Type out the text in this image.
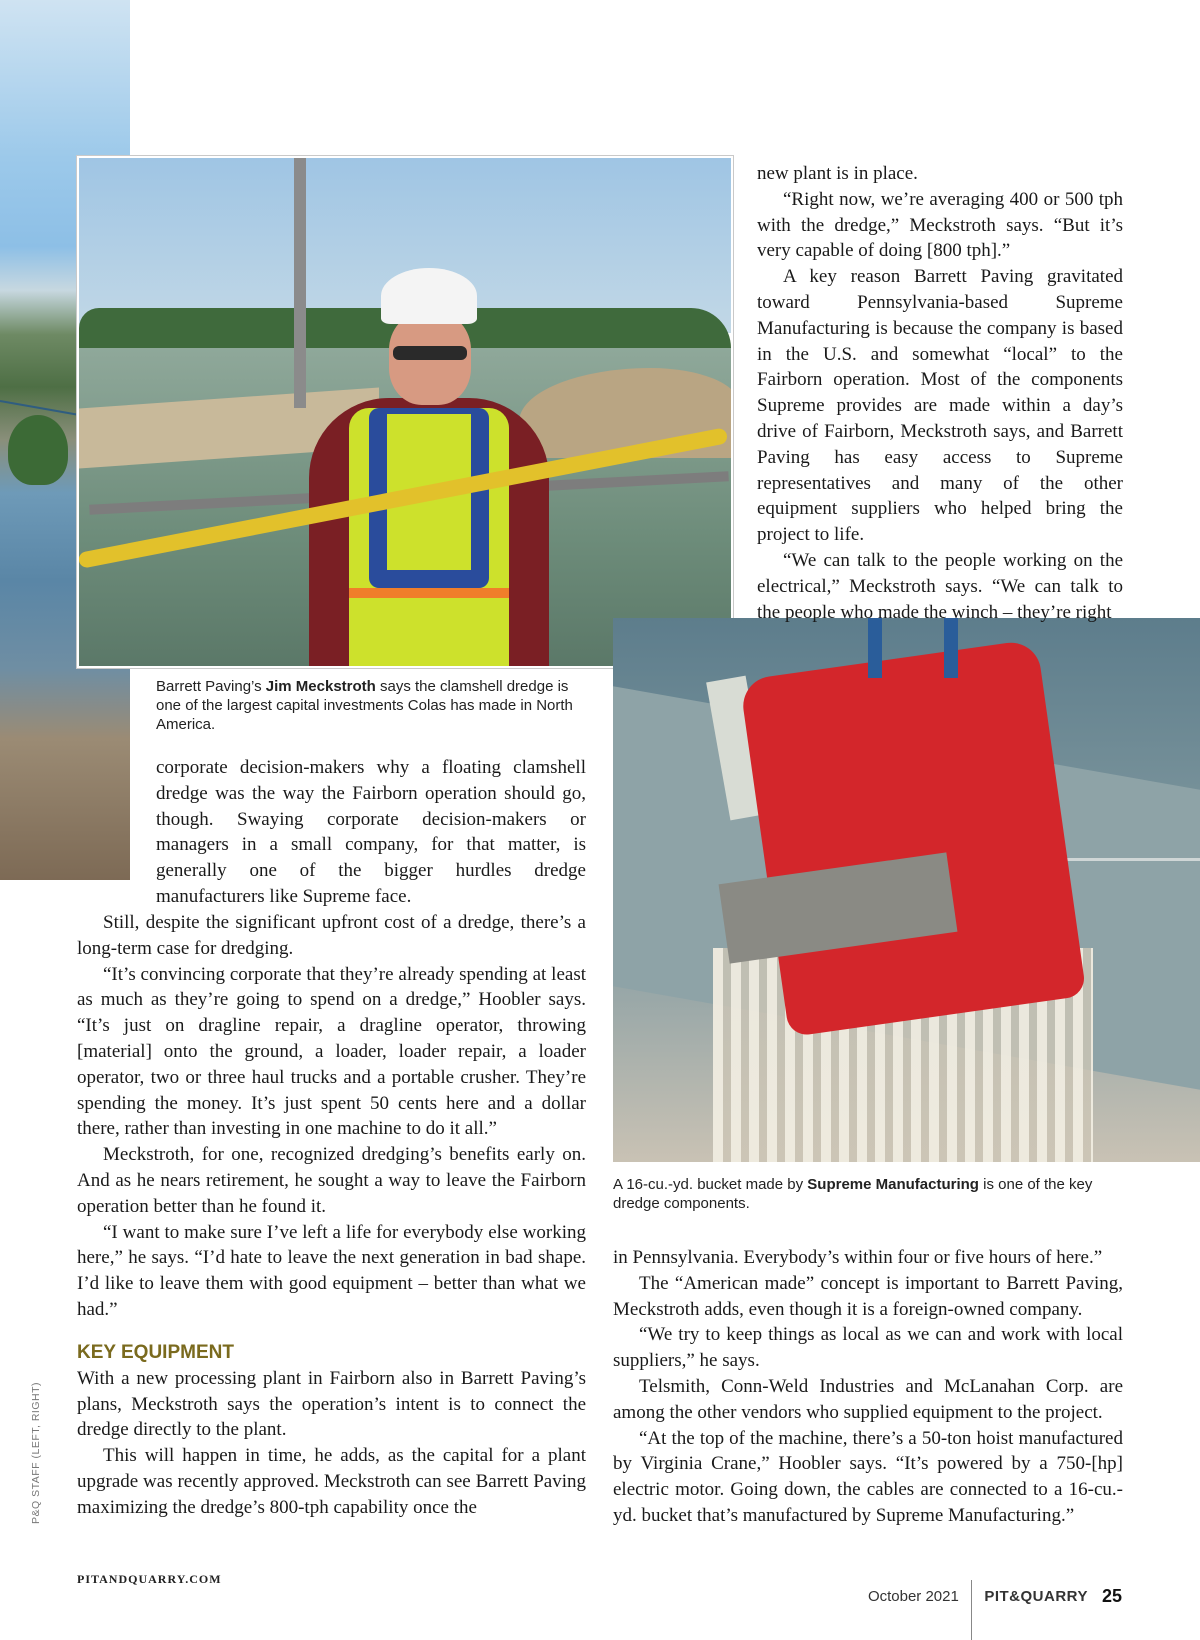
Barrett Paving’s Jim Meckstroth says the clamshell dredge is one of the largest capital investments Colas has made in North America.

A 16-cu.-yd. bucket made by Supreme Manufacturing is one of the key dredge components.

corporate decision-makers why a floating clamshell dredge was the way the Fairborn operation should go, though. Swaying corporate decision-makers or managers in a small company, for that matter, is generally one of the bigger hurdles dredge manufacturers like Supreme face.

Still, despite the significant upfront cost of a dredge, there’s a long-term case for dredging.

“It’s convincing corporate that they’re already spending at least as much as they’re going to spend on a dredge,” Hoobler says. “It’s just on dragline repair, a dragline operator, throwing [material] onto the ground, a loader, loader repair, a loader operator, two or three haul trucks and a portable crusher. They’re spending the money. It’s just spent 50 cents here and a dollar there, rather than investing in one machine to do it all.”

Meckstroth, for one, recognized dredging’s benefits early on. And as he nears retirement, he sought a way to leave the Fairborn operation better than he found it.

“I want to make sure I’ve left a life for everybody else working here,” he says. “I’d hate to leave the next generation in bad shape. I’d like to leave them with good equipment – better than what we had.”

KEY EQUIPMENT

With a new processing plant in Fairborn also in Barrett Paving’s plans, Meckstroth says the operation’s intent is to connect the dredge directly to the plant.

This will happen in time, he adds, as the capital for a plant upgrade was recently approved. Meckstroth can see Barrett Paving maximizing the dredge’s 800-tph capability once the

new plant is in place.

“Right now, we’re averaging 400 or 500 tph with the dredge,” Meckstroth says. “But it’s very capable of doing [800 tph].”

A key reason Barrett Paving gravitated toward Pennsylvania-based Supreme Manufacturing is because the company is based in the U.S. and somewhat “local” to the Fairborn operation. Most of the components Supreme provides are made within a day’s drive of Fairborn, Meckstroth says, and Barrett Paving has easy access to Supreme representatives and many of the other equipment suppliers who helped bring the project to life.

“We can talk to the people working on the electrical,” Meckstroth says. “We can talk to the people who made the winch – they’re right

in Pennsylvania. Everybody’s within four or five hours of here.”

The “American made” concept is important to Barrett Paving, Meckstroth adds, even though it is a foreign-owned company.

“We try to keep things as local as we can and work with local suppliers,” he says.

Telsmith, Conn-Weld Industries and McLanahan Corp. are among the other vendors who supplied equipment to the project.

“At the top of the machine, there’s a 50-ton hoist manufactured by Virginia Crane,” Hoobler says. “It’s powered by a 750-[hp] electric motor. Going down, the cables are connected to a 16-cu.-yd. bucket that’s manufactured by Supreme Manufacturing.”

P&Q STAFF (LEFT, RIGHT)
PITANDQUARRY.COM
October 2021 PIT&QUARRY 25
